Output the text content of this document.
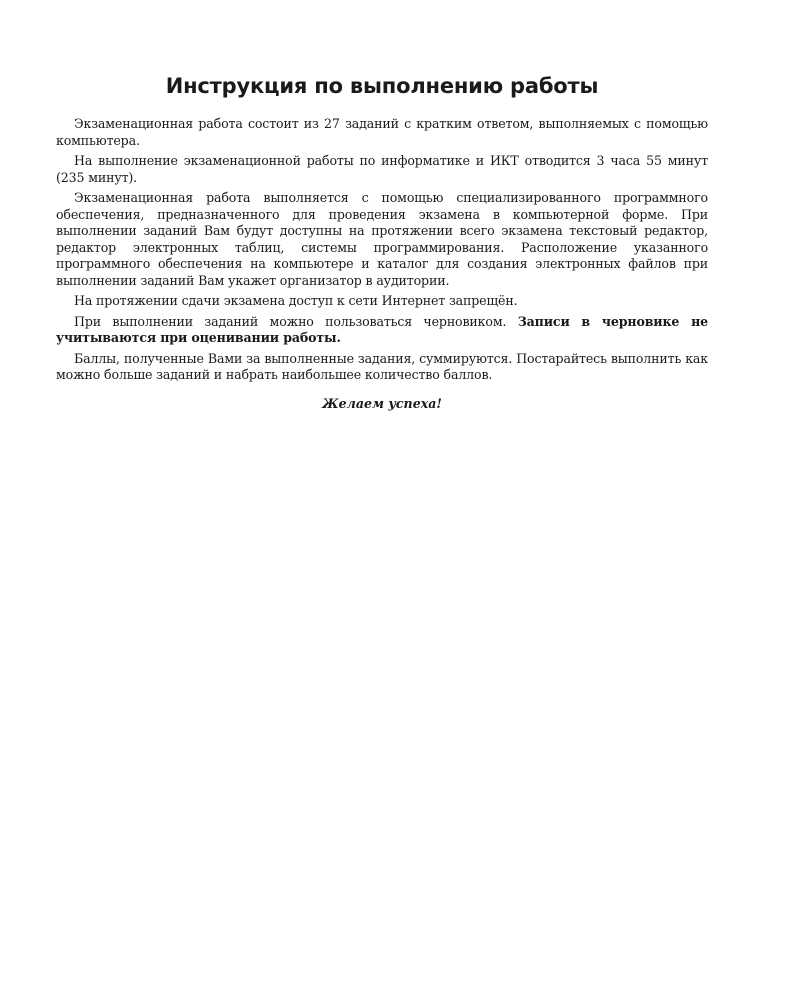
Инструкция по выполнению работы

Экзаменационная работа состоит из 27 заданий с кратким ответом, выполняемых с помощью компьютера.

На выполнение экзаменационной работы по информатике и ИКТ отводится 3 часа 55 минут (235 минут).

Экзаменационная работа выполняется с помощью специализированного программного обеспечения, предназначенного для проведения экзамена в компьютерной форме. При выполнении заданий Вам будут доступны на протяжении всего экзамена текстовый редактор, редактор электронных таблиц, системы программирования. Расположение указанного программного обеспечения на компьютере и каталог для создания электронных файлов при выполнении заданий Вам укажет организатор в аудитории.

На протяжении сдачи экзамена доступ к сети Интернет запрещён.

При выполнении заданий можно пользоваться черновиком. Записи в черновике не учитываются при оценивании работы.

Баллы, полученные Вами за выполненные задания, суммируются. Постарайтесь выполнить как можно больше заданий и набрать наибольшее количество баллов.

Желаем успеха!
